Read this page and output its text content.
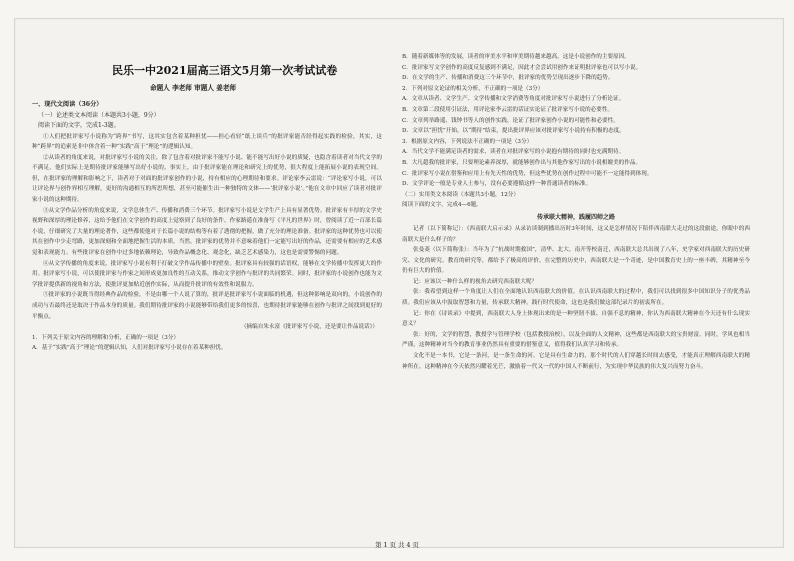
民乐一中2021届高三语文5月第一次考试试卷
命题人 李老师 审题人 姜老师

一、现代文阅读（36分）

（一）论述类文本阅读（本题共3小题，9分）

阅读下面的文字，完成1-3题。

①人们把批评家写小说称为“跨界”书写，这其实包含着某种担忧——担心看轻“纸上谈兵”的批评家能否经得起实践的检验，其实，这种“跨界”的追索是非中体含着一种“实践”高于“理论”的逻辑认知。

②从读者的角度来说，对批评家写小说的关注，除了包含着对批评家不能写小说、能不能写出好小说的质疑，也隐含着读者对当代文学的不满足，他们实际上是期待批评家能够写出好小说的。事实上，由于批评家能在理论和研究上的优势，很大程度上能拓展小说的表现空间。但，在批评家的理解和影响之下，读者对于对面的批评家创作的小说，持有相应的心理期待和要求。评论家李云雷说：“评论家写小说，可以让评论界与创作界相互理解，更好的沟通相互的所思所想，甚至可能催生出一种独特的文体——‘批评家小说’。”他在文章中回应了读者对批评家小说的这种期待。

③从文学作品分析的角度来说，文学总体生产、传播和消费三个环节。批评家写小说是文学生产上具有显著优势。批评家有丰厚的文学史视野和深厚的理论修养，这给予他们在文学创作的高度上觉察到了良好的条件。作家路遥在准备写《平凡的世界》时，曾阅读了近一百部长篇小说，仔细研究了大量的理论著作，这些都使他对于长篇小说的结构等有着了透彻的把握，做了充分的理论准备。批评家的这种优势也可以使其在创作中少走弯路，更加深刻和全面地把握生活的本质。当然，批评家的优势并不意味着他们一定能写出好的作品，还需要有相应的艺术感觉和表现能力。有些批评家在创作中过多地依赖理论，导致作品概念化、观念化，缺乏艺术感染力，这也是需要警惕的问题。

④从文学传播的角度来说，批评家写小说有利于打破文学作品传播中的壁垒。批评家具有较强的话语权，能够在文学传播中发挥更大的作用。批评家写小说，可以使批评家与作家之间形成更加良性的互动关系，推动文学创作与批评的共同繁荣。同时，批评家的小说创作也能为文学批评提供新的视角和方法，使批评更加贴近创作实际，从而提升批评的有效性和说服力。

⑤批评家的小说既当得经典作品的检验，不是由哪一个人说了算的，批评是批评家写小说面临的机遇，但这种影响是双向的，小说创作的成功与否最终还是取决于作品本身的质量。我们期待批评家的小说能够带给我们更多的惊喜，也期待批评家能够在创作与批评之间找到更好的平衡点。

（摘编自朱永富《批评家写小说，还是要让作品说话》）

1．下列关于原文内容的理解和分析，正确的一项是（3分）

A．基于“实践”高于“理论”的逻辑认知，人们对批评家写小说存在着某种担忧。

B．随着新媒体等的发展，读者的审美水平和审美期待越来越高，这是小说创作的主要原因。

C．批评家写文学创作的高度反复感到不满足，因此才会尝试用创作来证明批评家也可以写小说。

D．在文学的生产、传播和消费这三个环节中，批评家的优势呈现出逐步下降的趋势。

2．下列对原文论证的相关分析，不正确的一项是（3分）

A．文章从读者、文学生产、文学传播和文学消费等角度对批评家写小说进行了分析论证。

B．文章第二段使用引证法，用评论家李云雷的话证实论证了批评家写小说的必要性。

C．文章列举路遥、钱钟书等人的创作实践，论证了批评家创作小说的可能性和必要性。

D．文章以“担忧”开始，以“期待”结束，提出批评界应该对批评家写小说持有积极的态度。

3．根据原文内容，下列说法不正确的一项是（3分）

A．当代文学不能满足读者的需求，读者在对批评家写的小说抱有期待的同时也充满期待。

B．大凡超我的批评家，只要理论素养深厚，就能够创作出与其他作家写出的小说相媲美的作品。

C．批评家写小说在借鉴和应用上有先天性的优势，但这些优势在创作过程中可能不一定能得到体现。

D．文学评论一般是专业人士参与，没有必要遵循这样一种普通读者的标准。

（二）实用类文本阅读（本题共3小题，12分）

阅读下面的文字，完成4—6题。

传承联大精神，践履四师之路

记者（以下简称记）：《西南联大启示录》从录访谈制到播出历时3年时间，这又是怎样情况下陪伴西南联大走过的这段旅途，你眼中的西南联大是什么样子的？

张曼菱（以下简称张）：当年为了“抗战时期救国”，清华、北大、南开等校南迁，西南联大总共出现了八年，史学家对西南联大的历史研究、文化的研究、教育的研究等，都给予了极高的评价。在完整的历史中，西南联大是一个奇迹，是中国教育史上的一座丰碑，其精神至今仍有巨大的价值。

记：应该以一种什么样的视角去研究西南联大呢？

张：我希望到这样一个角度让人们在全面地认识西南联大的价值。在认识西南联大的过程中，我们可以找到很多中国知识分子的优秀品质。我们应该从中汲取智慧和力量，传承联大精神，践行时代使命，这也是我们做这部纪录片的初衷所在。

记：你在《诗谈录》中提到，西南联大人身上体现出来的是一种坚韧不拔、自强不息的精神，你认为西南联大精神在今天还有什么现实意义？

张：好的，文学的智慧，教授学与管理学校（包括教授治校），以及全面的人文精神，这些都是西南联大的宝贵财富。同时，学风也相当严谨，这种精神对当今的教育事业仍然具有重要的借鉴意义，值得我们认真学习和传承。

文化不是一本书，它是一条河，是一条生命的河。它是具有生命力的，那个时代的人们穿越长时间去感受，才能真正理解西南联大的精神所在。这种精神在今天依然闪耀着光芒，激励着一代又一代的中国人不断前行，为实现中华民族的伟大复兴而努力奋斗。

第 1 页 共 4 页
